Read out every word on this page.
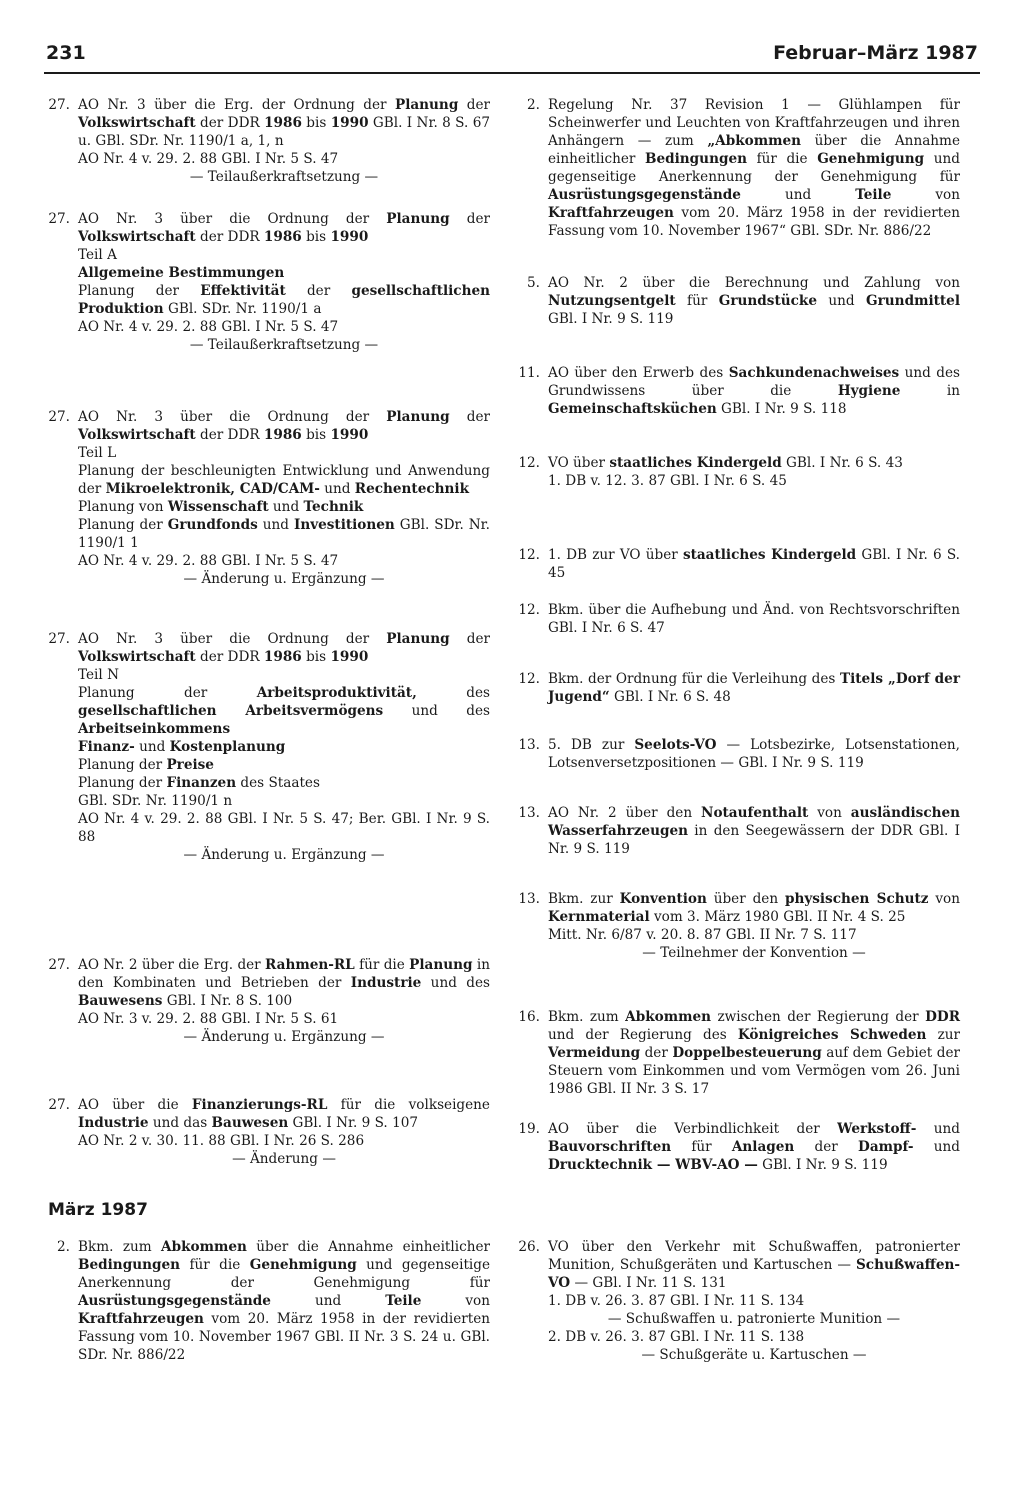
231	Februar–März 1987
27. AO Nr. 3 über die Erg. der Ordnung der Planung der Volkswirtschaft der DDR 1986 bis 1990 GBl. I Nr. 8 S. 67 u. GBl. SDr. Nr. 1190/1 a, 1, n

AO Nr. 4 v. 29. 2. 88 GBl. I Nr. 5 S. 47

— Teilaußerkraftsetzung —

27. AO Nr. 3 über die Ordnung der Planung der Volkswirtschaft der DDR 1986 bis 1990

Teil A

Allgemeine Bestimmungen

Planung der Effektivität der gesellschaftlichen Produktion GBl. SDr. Nr. 1190/1 a

AO Nr. 4 v. 29. 2. 88 GBl. I Nr. 5 S. 47

— Teilaußerkraftsetzung —

27. AO Nr. 3 über die Ordnung der Planung der Volkswirtschaft der DDR 1986 bis 1990

Teil L

Planung der beschleunigten Entwicklung und Anwendung der Mikroelektronik, CAD/CAM- und Rechentechnik

Planung von Wissenschaft und Technik

Planung der Grundfonds und Investitionen GBl. SDr. Nr. 1190/1 1

AO Nr. 4 v. 29. 2. 88 GBl. I Nr. 5 S. 47

— Änderung u. Ergänzung —

27. AO Nr. 3 über die Ordnung der Planung der Volkswirtschaft der DDR 1986 bis 1990

Teil N

Planung der Arbeitsproduktivität, des gesellschaftlichen Arbeitsvermögens und des Arbeitseinkommens

Finanz- und Kostenplanung

Planung der Preise

Planung der Finanzen des Staates

GBl. SDr. Nr. 1190/1 n

AO Nr. 4 v. 29. 2. 88 GBl. I Nr. 5 S. 47; Ber. GBl. I Nr. 9 S. 88

— Änderung u. Ergänzung —

27. AO Nr. 2 über die Erg. der Rahmen-RL für die Planung in den Kombinaten und Betrieben der Industrie und des Bauwesens GBl. I Nr. 8 S. 100

AO Nr. 3 v. 29. 2. 88 GBl. I Nr. 5 S. 61

— Änderung u. Ergänzung —

27. AO über die Finanzierungs-RL für die volkseigene Industrie und das Bauwesen GBl. I Nr. 9 S. 107

AO Nr. 2 v. 30. 11. 88 GBl. I Nr. 26 S. 286

— Änderung —

2. Regelung Nr. 37 Revision 1 — Glühlampen für Scheinwerfer und Leuchten von Kraftfahrzeugen und ihren Anhängern — zum „Abkommen über die Annahme einheitlicher Bedingungen für die Genehmigung und gegenseitige Anerkennung der Genehmigung für Ausrüstungsgegenstände und Teile von Kraftfahrzeugen vom 20. März 1958 in der revidierten Fassung vom 10. November 1967“ GBl. SDr. Nr. 886/22

5. AO Nr. 2 über die Berechnung und Zahlung von Nutzungsentgelt für Grundstücke und Grundmittel GBl. I Nr. 9 S. 119

11. AO über den Erwerb des Sachkundenachweises und des Grundwissens über die Hygiene in Gemeinschaftsküchen GBl. I Nr. 9 S. 118

12. VO über staatliches Kindergeld GBl. I Nr. 6 S. 43

1. DB v. 12. 3. 87 GBl. I Nr. 6 S. 45

12. 1. DB zur VO über staatliches Kindergeld GBl. I Nr. 6 S. 45

12. Bkm. über die Aufhebung und Änd. von Rechtsvorschriften GBl. I Nr. 6 S. 47

12. Bkm. der Ordnung für die Verleihung des Titels „Dorf der Jugend“ GBl. I Nr. 6 S. 48

13. 5. DB zur Seelots-VO — Lotsbezirke, Lotsenstationen, Lotsenversetzpositionen — GBl. I Nr. 9 S. 119

13. AO Nr. 2 über den Notaufenthalt von ausländischen Wasserfahrzeugen in den Seegewässern der DDR GBl. I Nr. 9 S. 119

13. Bkm. zur Konvention über den physischen Schutz von Kernmaterial vom 3. März 1980 GBl. II Nr. 4 S. 25

Mitt. Nr. 6/87 v. 20. 8. 87 GBl. II Nr. 7 S. 117

— Teilnehmer der Konvention —

16. Bkm. zum Abkommen zwischen der Regierung der DDR und der Regierung des Königreiches Schweden zur Vermeidung der Doppelbesteuerung auf dem Gebiet der Steuern vom Einkommen und vom Vermögen vom 26. Juni 1986 GBl. II Nr. 3 S. 17

19. AO über die Verbindlichkeit der Werkstoff- und Bauvorschriften für Anlagen der Dampf- und Drucktechnik — WBV-AO — GBl. I Nr. 9 S. 119

März 1987
2. Bkm. zum Abkommen über die Annahme einheitlicher Bedingungen für die Genehmigung und gegenseitige Anerkennung der Genehmigung für Ausrüstungsgegenstände und Teile von Kraftfahrzeugen vom 20. März 1958 in der revidierten Fassung vom 10. November 1967 GBl. II Nr. 3 S. 24 u. GBl. SDr. Nr. 886/22

26. VO über den Verkehr mit Schußwaffen, patronierter Munition, Schußgeräten und Kartuschen — Schußwaffen-VO — GBl. I Nr. 11 S. 131

1. DB v. 26. 3. 87 GBl. I Nr. 11 S. 134

— Schußwaffen u. patronierte Munition —

2. DB v. 26. 3. 87 GBl. I Nr. 11 S. 138

— Schußgeräte u. Kartuschen —
